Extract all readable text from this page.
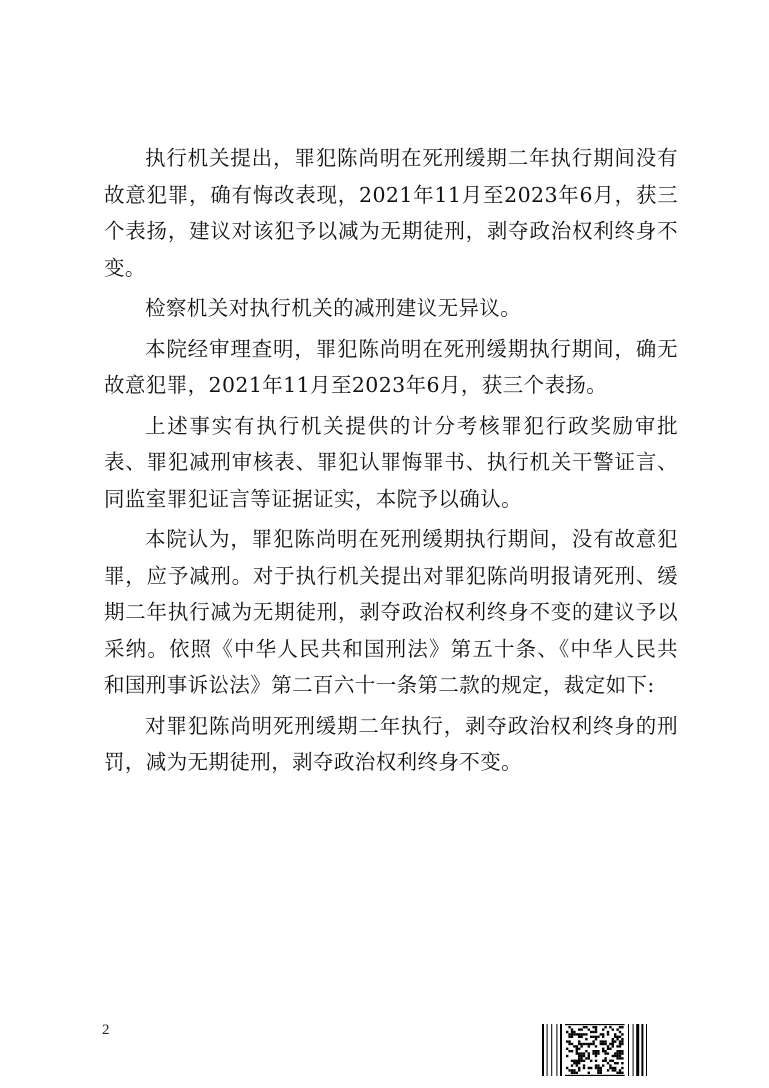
执行机关提出，罪犯陈尚明在死刑缓期二年执行期间没有故意犯罪，确有悔改表现，2021年11月至2023年6月，获三个表扬，建议对该犯予以减为无期徒刑，剥夺政治权利终身不变。

检察机关对执行机关的减刑建议无异议。

本院经审理查明，罪犯陈尚明在死刑缓期执行期间，确无故意犯罪，2021年11月至2023年6月，获三个表扬。

上述事实有执行机关提供的计分考核罪犯行政奖励审批表、罪犯减刑审核表、罪犯认罪悔罪书、执行机关干警证言、同监室罪犯证言等证据证实，本院予以确认。

本院认为，罪犯陈尚明在死刑缓期执行期间，没有故意犯罪，应予减刑。对于执行机关提出对罪犯陈尚明报请死刑、缓期二年执行减为无期徒刑，剥夺政治权利终身不变的建议予以采纳。依照《中华人民共和国刑法》第五十条、《中华人民共和国刑事诉讼法》第二百六十一条第二款的规定，裁定如下:

对罪犯陈尚明死刑缓期二年执行，剥夺政治权利终身的刑罚，减为无期徒刑，剥夺政治权利终身不变。

2
